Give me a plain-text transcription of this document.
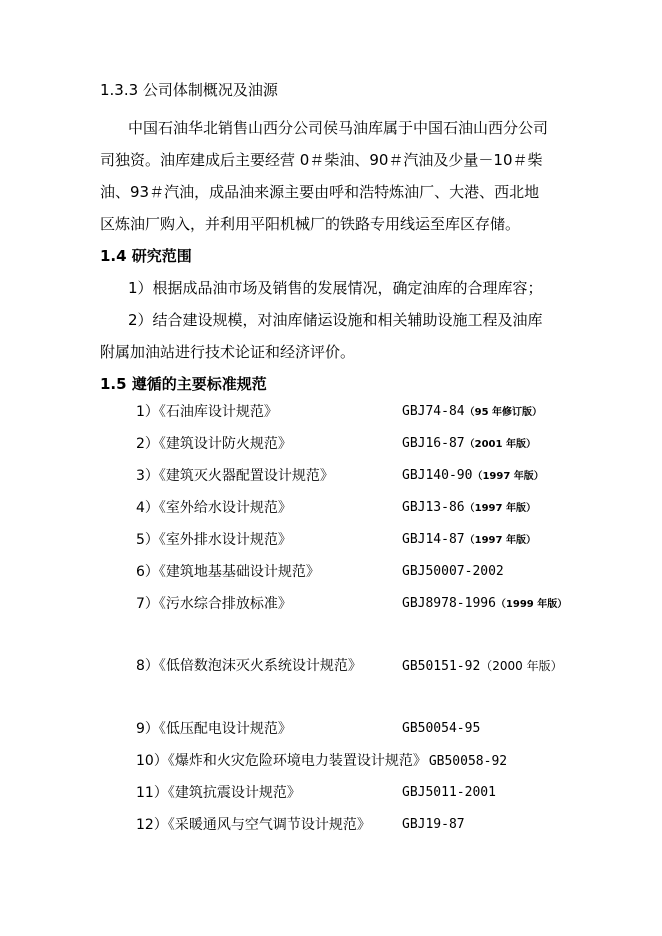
1.3.3 公司体制概况及油源
中国石油华北销售山西分公司侯马油库属于中国石油山西分公司
司独资。油库建成后主要经营 0＃柴油、90＃汽油及少量－10＃柴
油、93＃汽油，成品油来源主要由呼和浩特炼油厂、大港、西北地
区炼油厂购入，并利用平阳机械厂的铁路专用线运至库区存储。
1.4 研究范围
1）根据成品油市场及销售的发展情况，确定油库的合理库容；
2）结合建设规模，对油库储运设施和相关辅助设施工程及油库
附属加油站进行技术论证和经济评价。
1.5 遵循的主要标准规范
1）《石油库设计规范》	GBJ74-84（95 年修订版）
2）《建筑设计防火规范》	GBJ16-87（2001 年版）
3）《建筑灭火器配置设计规范》	GBJ140-90（1997 年版）
4）《室外给水设计规范》	GBJ13-86（1997 年版）
5）《室外排水设计规范》	GBJ14-87（1997 年版）
6）《建筑地基基础设计规范》	GBJ50007-2002
7）《污水综合排放标准》	GBJ8978-1996（1999 年版）
8）《低倍数泡沫灭火系统设计规范》	GB50151-92（2000 年版）
9）《低压配电设计规范》	GB50054-95
10）《爆炸和火灾危险环境电力装置设计规范》 GB50058-92
11）《建筑抗震设计规范》	GBJ5011-2001
12）《采暖通风与空气调节设计规范》 GBJ19-87
